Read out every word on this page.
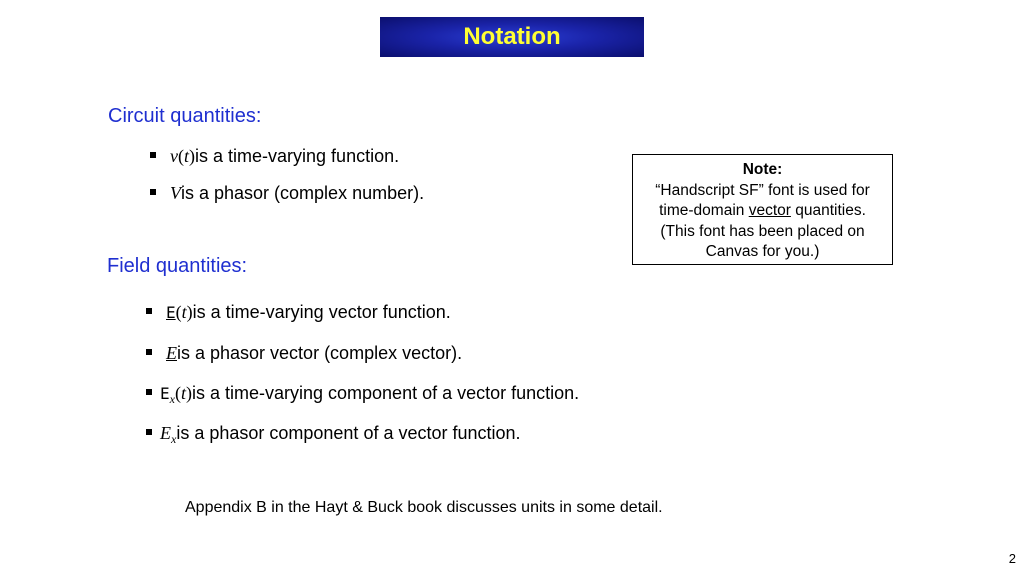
Notation
Circuit quantities:
v (t) is a time-varying function.
V is a phasor (complex number).
Field quantities:
E (t) is a time-varying vector function.
E is a phasor vector (complex vector).
E x (t) is a time-varying component of a vector function.
E x is a phasor component of a vector function.
Note:
“Handscript SF” font is used for
time-domain vector quantities.
(This font has been placed on
Canvas for you.)
Appendix B in the Hayt & Buck book discusses units in some detail.
2
